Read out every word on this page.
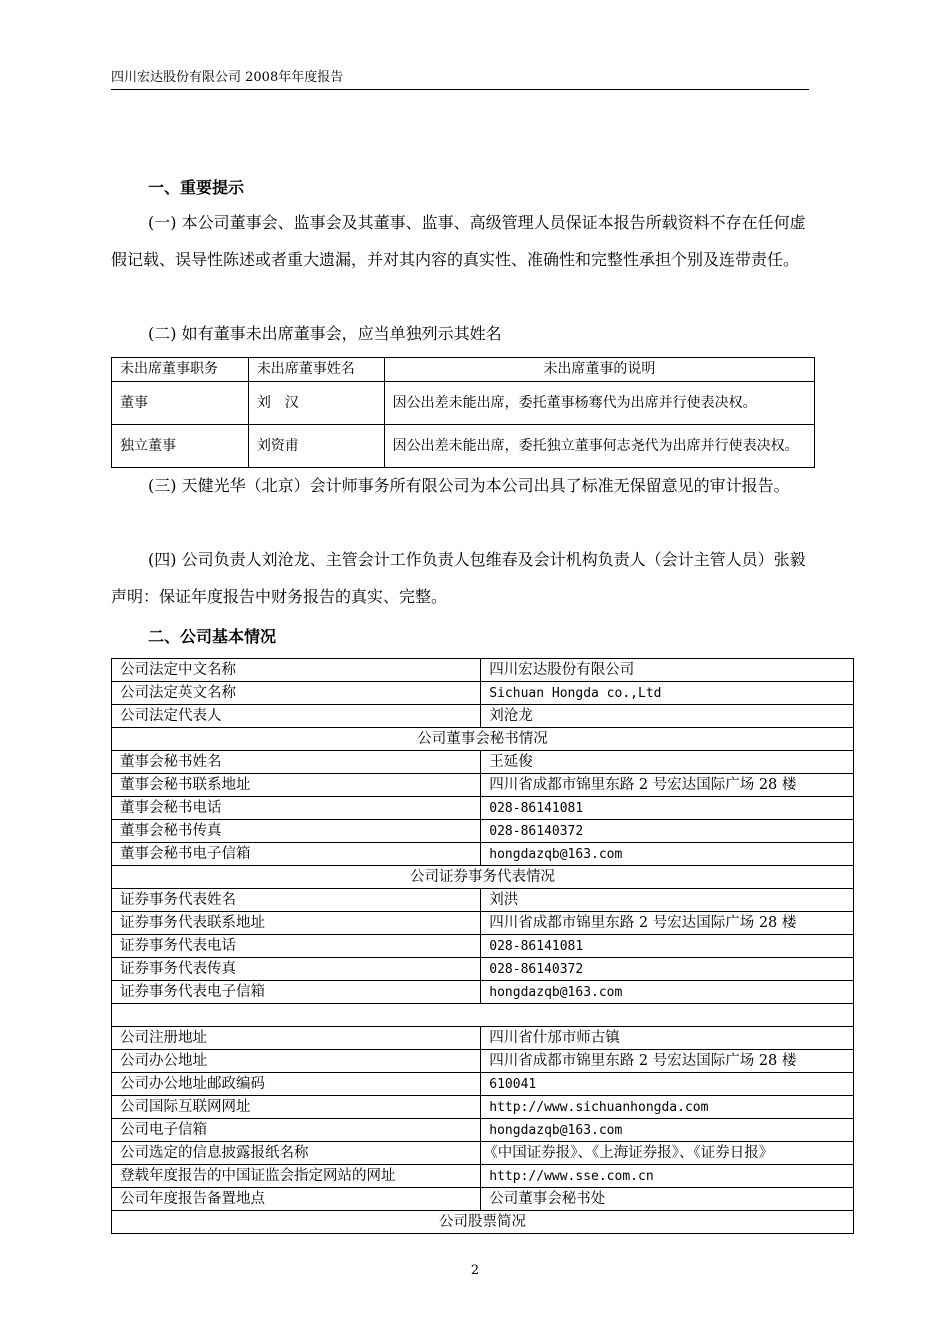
四川宏达股份有限公司 2008年年度报告
一、重要提示
(一) 本公司董事会、监事会及其董事、监事、高级管理人员保证本报告所载资料不存在任何虚假记载、误导性陈述或者重大遗漏，并对其内容的真实性、准确性和完整性承担个别及连带责任。
(二) 如有董事未出席董事会，应当单独列示其姓名
未出席董事职务	未出席董事姓名	未出席董事的说明
董事	刘　汉	因公出差未能出席，委托董事杨骞代为出席并行使表决权。
独立董事	刘资甫	因公出差未能出席，委托独立董事何志尧代为出席并行使表决权。
(三) 天健光华（北京）会计师事务所有限公司为本公司出具了标准无保留意见的审计报告。
(四) 公司负责人刘沧龙、主管会计工作负责人包维春及会计机构负责人（会计主管人员）张毅声明：保证年度报告中财务报告的真实、完整。
二、公司基本情况
公司法定中文名称	四川宏达股份有限公司
公司法定英文名称	Sichuan Hongda co.,Ltd
公司法定代表人	刘沧龙
公司董事会秘书情况	
董事会秘书姓名	王延俊
董事会秘书联系地址	四川省成都市锦里东路 2 号宏达国际广场 28 楼
董事会秘书电话	028-86141081
董事会秘书传真	028-86140372
董事会秘书电子信箱	hongdazqb@163.com
公司证券事务代表情况	
证券事务代表姓名	刘洪
证券事务代表联系地址	四川省成都市锦里东路 2 号宏达国际广场 28 楼
证券事务代表电话	028-86141081
证券事务代表传真	028-86140372
证券事务代表电子信箱	hongdazqb@163.com

公司注册地址	四川省什邡市师古镇
公司办公地址	四川省成都市锦里东路 2 号宏达国际广场 28 楼
公司办公地址邮政编码	610041
公司国际互联网网址	http://www.sichuanhongda.com
公司电子信箱	hongdazqb@163.com
公司选定的信息披露报纸名称	《中国证券报》、《上海证券报》、《证券日报》
登载年度报告的中国证监会指定网站的网址	http://www.sse.com.cn
公司年度报告备置地点	公司董事会秘书处
公司股票简况	
2
